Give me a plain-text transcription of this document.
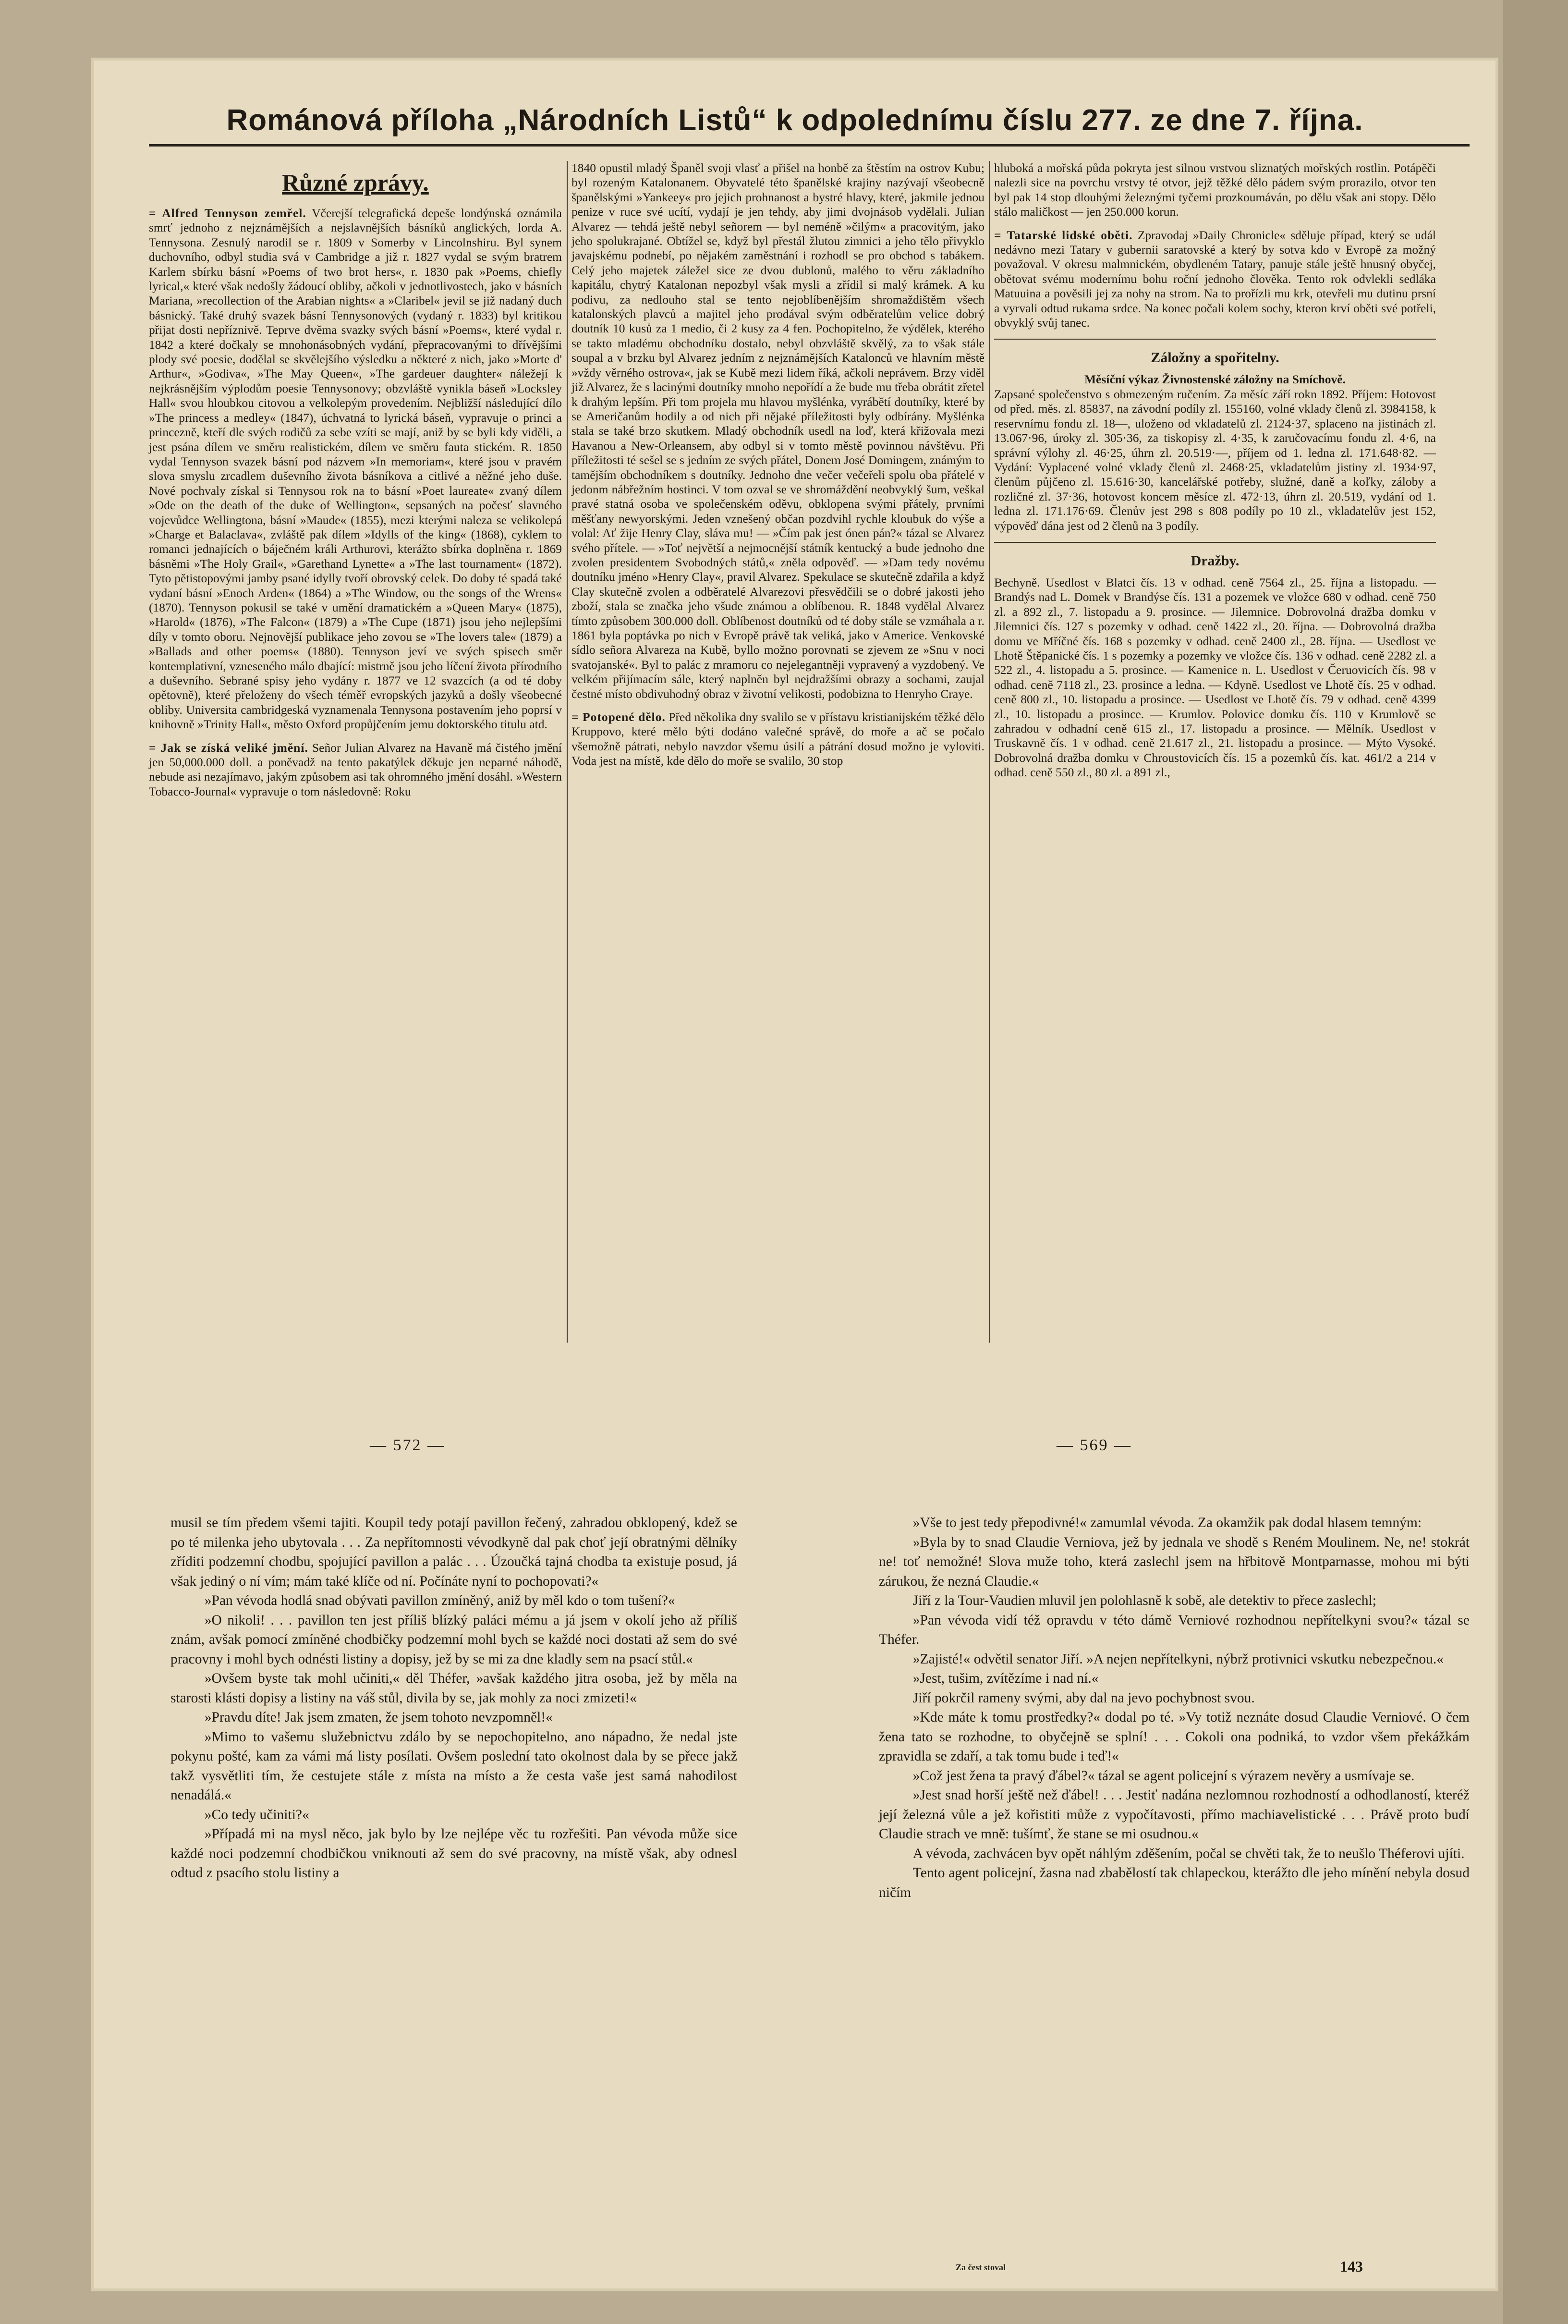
Románová příloha „Národních Listů“ k odpolednímu číslu 277. ze dne 7. října.
Různé zprávy.

= Alfred Tennyson zemřel. Včerejší telegrafická depeše londýnská oznámila smrť jednoho z nejznámějších a nejslavnějších básníků anglických, lorda A. Tennysona. Zesnulý narodil se r. 1809 v Somerby v Lincolnshiru. Byl synem duchovního, odbyl studia svá v Cambridge a již r. 1827 vydal se svým bratrem Karlem sbírku básní »Poems of two brot hers«, r. 1830 pak »Poems, chiefly lyrical,« které však nedošly žádoucí obliby, ačkoli v jednotlivostech, jako v básních Mariana, »recollection of the Arabian nights« a »Claribel« jevil se již nadaný duch básnický. Také druhý svazek básní Tennysonových (vydaný r. 1833) byl kritikou přijat dosti nepříznivě. Teprve dvěma svazky svých básní »Poems«, které vydal r. 1842 a které dočkaly se mnohonásobných vydání, přepracovanými to dřívějšími plody své poesie, dodělal se skvělejšího výsledku a některé z nich, jako »Morte d' Arthur«, »Godiva«, »The May Queen«, »The gardeuer daughter« náležejí k nejkrásnějším výplodům poesie Tennysonovy; obzvláště vynikla báseň »Locksley Hall« svou hloubkou citovou a velkolepým provedením. Nejbližší následující dílo »The princess a medley« (1847), úchvatná to lyrická báseň, vypravuje o princi a princezně, kteří dle svých rodičů za sebe vzíti se mají, aniž by se byli kdy viděli, a jest psána dílem ve směru realistickém, dílem ve směru fauta stickém. R. 1850 vydal Tennyson svazek básní pod názvem »In memoriam«, které jsou v pravém slova smyslu zrcadlem duševního života básníkova a citlivé a něžné jeho duše. Nové pochvaly získal si Tennysou rok na to básní »Poet laureate« zvaný dílem »Ode on the death of the duke of Wellington«, sepsaných na počesť slavného vojevůdce Wellingtona, básní »Maude« (1855), mezi kterými naleza se velikolepá »Charge et Balaclava«, zvláště pak dílem »Idylls of the king« (1868), cyklem to romanci jednajících o báječném králi Arthurovi, kterážto sbírka doplněna r. 1869 básněmi »The Holy Grail«, »Garethand Lynette« a »The last tournament« (1872). Tyto pětistopovými jamby psané idylly tvoří obrovský celek. Do doby té spadá také vydaní básní »Enoch Arden« (1864) a »The Window, ou the songs of the Wrens« (1870). Tennyson pokusil se také v umění dramatickém a »Queen Mary« (1875), »Harold« (1876), »The Falcon« (1879) a »The Cupe (1871) jsou jeho nejlepšími díly v tomto oboru. Nejnovější publikace jeho zovou se »The lovers tale« (1879) a »Ballads and other poems« (1880). Tennyson jeví ve svých spisech směr kontemplativní, vzneseného málo dbající: mistrně jsou jeho líčení života přírodního a duševního. Sebrané spisy jeho vydány r. 1877 ve 12 svazcích (a od té doby opětovně), které přeloženy do všech téměř evropských jazyků a došly všeobecné obliby. Universita cambridgeská vyznamenala Tennysona postavením jeho poprsí v knihovně »Trinity Hall«, město Oxford propůjčením jemu doktorského titulu atd.

= Jak se získá veliké jmění. Señor Julian Alvarez na Havaně má čistého jmění jen 50,000.000 doll. a poněvadž na tento pakatýlek děkuje jen neparné náhodě, nebude asi nezajímavo, jakým způsobem asi tak ohromného jmění dosáhl. »Western Tobacco-Journal« vypravuje o tom následovně: Roku

1840 opustil mladý Španěl svoji vlasť a přišel na honbě za štěstím na ostrov Kubu; byl rozeným Katalonanem. Obyvatelé této španělské krajiny nazývají všeobecně španělskými »Yankeey« pro jejich prohnanost a bystré hlavy, které, jakmile jednou penize v ruce své ucítí, vydají je jen tehdy, aby jimi dvojnásob vydělali. Julian Alvarez — tehdá ještě nebyl señorem — byl neméně »čilým« a pracovitým, jako jeho spolukrajané. Obtížel se, když byl přestál žlutou zimnici a jeho tělo přivyklo javajskému podnebí, po nějakém zaměstnání i rozhodl se pro obchod s tabákem. Celý jeho majetek záležel sice ze dvou dublonů, malého to věru základního kapitálu, chytrý Katalonan nepozbyl však mysli a zřídil si malý krámek. A ku podivu, za nedlouho stal se tento nejoblíbenějším shromaždištěm všech katalonských plavců a majitel jeho prodával svým odběratelům velice dobrý doutník 10 kusů za 1 medio, či 2 kusy za 4 fen. Pochopitelno, že výdělek, kterého se takto mladému obchodníku dostalo, nebyl obzvláště skvělý, za to však stále soupal a v brzku byl Alvarez jedním z nejznámějších Katalonců ve hlavním městě »vždy věrného ostrova«, jak se Kubě mezi lidem říká, ačkoli neprávem. Brzy viděl již Alvarez, že s lacinými doutníky mnoho nepořídí a že bude mu třeba obrátit zřetel k drahým lepším. Při tom projela mu hlavou myšlénka, vyrábětí doutníky, které by se Američanům hodily a od nich při nějaké příležitosti byly odbírány. Myšlénka stala se také brzo skutkem. Mladý obchodník usedl na loď, která křižovala mezi Havanou a New-Orleansem, aby odbyl si v tomto městě povinnou návštěvu. Při příležitosti té sešel se s jedním ze svých přátel, Donem José Domingem, známým to tamějším obchodníkem s doutníky. Jednoho dne večer večeřeli spolu oba přátelé v jedonm nábřežním hostinci. V tom ozval se ve shromáždění neobvyklý šum, veškal pravé statná osoba ve společenském oděvu, obklopena svými přátely, prvními měšťany newyorskými. Jeden vznešený občan pozdvihl rychle kloubuk do výše a volal: Ať žije Henry Clay, sláva mu! — »Čím pak jest ónen pán?« tázal se Alvarez svého přítele. — »Toť největší a nejmocnější státník kentucký a bude jednoho dne zvolen presidentem Svobodných států,« zněla odpověď. — »Dam tedy novému doutníku jméno »Henry Clay«, pravil Alvarez. Spekulace se skutečně zdařila a když Clay skutečně zvolen a odběratelé Alvarezovi přesvědčili se o dobré jakosti jeho zboží, stala se značka jeho všude známou a oblíbenou. R. 1848 vydělal Alvarez tímto způsobem 300.000 doll. Oblíbenost doutníků od té doby stále se vzmáhala a r. 1861 byla poptávka po nich v Evropě právě tak veliká, jako v Americe. Venkovské sídlo señora Alvareza na Kubě, byllo možno porovnati se zjevem ze »Snu v noci svatojanské«. Byl to palác z mramoru co nejelegantněji vypravený a vyzdobený. Ve velkém přijímacím sále, který naplněn byl nejdražšími obrazy a sochami, zaujal čestné místo obdivuhodný obraz v životní velikosti, podobizna to Henryho Craye.

= Potopené dělo. Před několika dny svalilo se v přístavu kristianijském těžké dělo Kruppovo, které mělo býti dodáno valečné správě, do moře a ač se počalo všemožně pátrati, nebylo navzdor všemu úsilí a pátrání dosud možno je vyloviti. Voda jest na místě, kde dělo do moře se svalilo, 30 stop

hluboká a mořská půda pokryta jest silnou vrstvou sliznatých mořských rostlin. Potápěči nalezli sice na povrchu vrstvy té otvor, jejž těžké dělo pádem svým prorazilo, otvor ten byl pak 14 stop dlouhými železnými tyčemi prozkoumáván, po dělu však ani stopy. Dělo stálo maličkost — jen 250.000 korun.

= Tatarské lidské oběti. Zpravodaj »Daily Chronicle« sděluje případ, který se udál nedávno mezi Tatary v gubernii saratovské a který by sotva kdo v Evropě za možný považoval. V okresu malmnickém, obydleném Tatary, panuje stále ještě hnusný obyčej, obětovat svému modernímu bohu roční jednoho člověka. Tento rok odvlekli sedláka Matuuina a pověsili jej za nohy na strom. Na to prořízli mu krk, otevřeli mu dutinu prsní a vyrvali odtud rukama srdce. Na konec počali kolem sochy, kteron krví oběti své potřeli, obvyklý svůj tanec.

Záložny a spořitelny.
Měsíční výkaz Živnostenské záložny na Smíchově.

Zapsané společenstvo s obmezeným ručením. Za měsíc září rokn 1892. Příjem: Hotovost od před. měs. zl. 85837, na závodní podíly zl. 155160, volné vklady členů zl. 3984158, k reservnímu fondu zl. 18—, uloženo od vkladatelů zl. 2124·37, splaceno na jistinách zl. 13.067·96, úroky zl. 305·36, za tiskopisy zl. 4·35, k zaručovacímu fondu zl. 4·6, na správní výlohy zl. 46·25, úhrn zl. 20.519·—, příjem od 1. ledna zl. 171.648·82. — Vydání: Vyplacené volné vklady členů zl. 2468·25, vkladatelům jistiny zl. 1934·97, členům půjčeno zl. 15.616·30, kancelářské potřeby, služné, daně a koľky, záloby a rozličné zl. 37·36, hotovost koncem měsíce zl. 472·13, úhrn zl. 20.519, vydání od 1. ledna zl. 171.176·69. Členův jest 298 s 808 podíly po 10 zl., vkladatelův jest 152, výpověď dána jest od 2 členů na 3 podíly.

Dražby.

Bechyně. Usedlost v Blatci čís. 13 v odhad. ceně 7564 zl., 25. října a listopadu. — Brandýs nad L. Domek v Brandýse čís. 131 a pozemek ve vložce 680 v odhad. ceně 750 zl. a 892 zl., 7. listopadu a 9. prosince. — Jilemnice. Dobrovolná dražba domku v Jilemnici čís. 127 s pozemky v odhad. ceně 1422 zl., 20. října. — Dobrovolná dražba domu ve Mříčné čís. 168 s pozemky v odhad. ceně 2400 zl., 28. října. — Usedlost ve Lhotě Štěpanické čís. 1 s pozemky a pozemky ve vložce čís. 136 v odhad. ceně 2282 zl. a 522 zl., 4. listopadu a 5. prosince. — Kamenice n. L. Usedlost v Čeruovicích čís. 98 v odhad. ceně 7118 zl., 23. prosince a ledna. — Kdyně. Usedlost ve Lhotě čís. 25 v odhad. ceně 800 zl., 10. listopadu a prosince. — Usedlost ve Lhotě čís. 79 v odhad. ceně 4399 zl., 10. listopadu a prosince. — Krumlov. Polovice domku čís. 110 v Krumlově se zahradou v odhadní ceně 615 zl., 17. listopadu a prosince. — Mělník. Usedlost v Truskavně čís. 1 v odhad. ceně 21.617 zl., 21. listopadu a prosince. — Mýto Vysoké. Dobrovolná dražba domku v Chroustovicích čís. 15 a pozemků čís. kat. 461/2 a 214 v odhad. ceně 550 zl., 80 zl. a 891 zl.,

— 572 —	— 569 —

musil se tím předem všemi tajiti. Koupil tedy potají pavillon řečený, zahradou obklopený, kdež se po té milenka jeho ubytovala . . . Za nepřítomnosti vévodkyně dal pak choť její obratnými dělníky zříditi podzemní chodbu, spojující pavillon a palác . . . Úzoučká tajná chodba ta existuje posud, já však jediný o ní vím; mám také klíče od ní. Počínáte nyní to pochopovati?«

»Pan vévoda hodlá snad obývati pavillon zmíněný, aniž by měl kdo o tom tušení?«

»O nikoli! . . . pavillon ten jest příliš blízký paláci mému a já jsem v okolí jeho až příliš znám, avšak pomocí zmíněné chodbičky podzemní mohl bych se každé noci dostati až sem do své pracovny i mohl bych odnésti listiny a dopisy, jež by se mi za dne kladly sem na psací stůl.«

»Ovšem byste tak mohl učiniti,« děl Théfer, »avšak každého jitra osoba, jež by měla na starosti klásti dopisy a listiny na váš stůl, divila by se, jak mohly za noci zmizeti!«

»Pravdu díte! Jak jsem zmaten, že jsem tohoto nevzpomněl!«

»Mimo to vašemu služebnictvu zdálo by se nepochopitelno, ano nápadno, že nedal jste pokynu pošté, kam za vámi má listy posílati. Ovšem poslední tato okolnost dala by se přece jakž takž vysvětliti tím, že cestujete stále z místa na místo a že cesta vaše jest samá nahodilost nenadálá.«

»Co tedy učiniti?«

»Případá mi na mysl něco, jak bylo by lze nejlépe věc tu rozřešiti. Pan vévoda může sice každé noci podzemní chodbičkou vniknouti až sem do své pracovny, na místě však, aby odnesl odtud z psacího stolu listiny a

»Vše to jest tedy přepodivné!« zamumlal vévoda. Za okamžik pak dodal hlasem temným:

»Byla by to snad Claudie Verniova, jež by jednala ve shodě s Reném Moulinem. Ne, ne! stokrát ne! toť nemožné! Slova muže toho, která zaslechl jsem na hřbitově Montparnasse, mohou mi býti zárukou, že nezná Claudie.«

Jiří z la Tour-Vaudien mluvil jen polohlasně k sobě, ale detektiv to přece zaslechl;

»Pan vévoda vidí též opravdu v této dámě Verniové rozhodnou nepřítelkyni svou?« tázal se Théfer.

»Zajisté!« odvětil senator Jiří. »A nejen nepřítelkyni, nýbrž protivnici vskutku nebezpečnou.«

»Jest, tušim, zvítězíme i nad ní.«

Jiří pokrčil rameny svými, aby dal na jevo pochybnost svou.

»Kde máte k tomu prostředky?« dodal po té. »Vy totiž neznáte dosud Claudie Verniové. O čem žena tato se rozhodne, to obyčejně se splní! . . . Cokoli ona podniká, to vzdor všem překážkám zpravidla se zdaří, a tak tomu bude i teď!«

»Což jest žena ta pravý ďábel?« tázal se agent policejní s výrazem nevěry a usmívaje se.

»Jest snad horší ještě než ďábel! . . . Jestiť nadána nezlomnou rozhodností a odhodlaností, kteréž její železná vůle a jež kořistiti může z vypočítavosti, přímo machiavelistické . . . Právě proto budí Claudie strach ve mně: tušímť, že stane se mi osudnou.«

A vévoda, zachvácen byv opět náhlým zděšením, počal se chvěti tak, že to neušlo Théferovi ujíti.

Tento agent policejní, žasna nad zbabělostí tak chlapeckou, kterážto dle jeho mínění nebyla dosud ničím

Za čest stoval	143
